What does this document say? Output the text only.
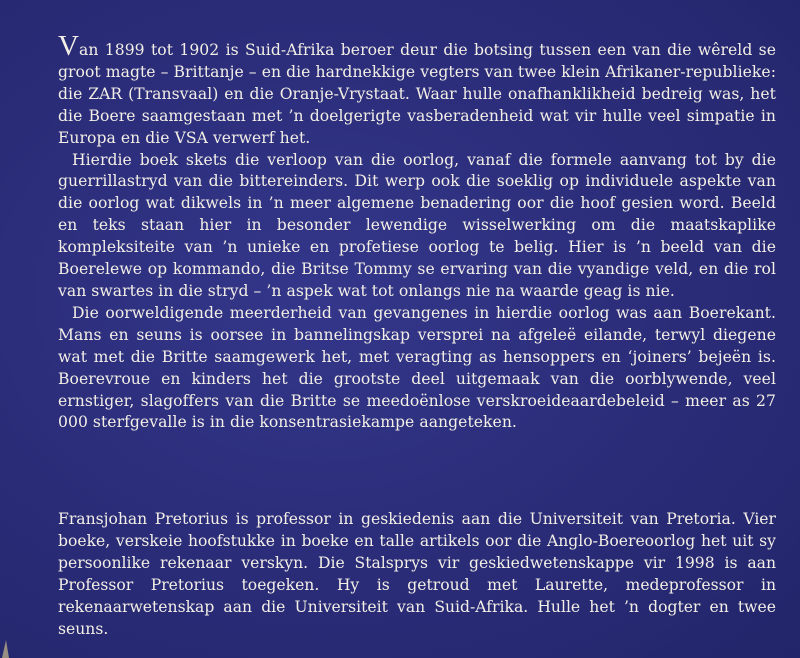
Van 1899 tot 1902 is Suid-Afrika beroer deur die botsing tussen een van die wêreld se groot magte – Brittanje – en die hardnekkige vegters van twee klein Afrikaner-republieke: die ZAR (Transvaal) en die Oranje-Vrystaat. Waar hulle onafhanklikheid bedreig was, het die Boere saamgestaan met ’n doelgerigte vasberadenheid wat vir hulle veel simpatie in Europa en die VSA verwerf het.

Hierdie boek skets die verloop van die oorlog, vanaf die formele aanvang tot by die guerrillastryd van die bittereinders. Dit werp ook die soeklig op individuele aspekte van die oorlog wat dikwels in ’n meer algemene benadering oor die hoof gesien word. Beeld en teks staan hier in besonder lewendige wisselwerking om die maatskaplike kompleksiteite van ’n unieke en profetiese oorlog te belig. Hier is ’n beeld van die Boerelewe op kommando, die Britse Tommy se ervaring van die vyandige veld, en die rol van swartes in die stryd – ’n aspek wat tot onlangs nie na waarde geag is nie.

Die oorweldigende meerderheid van gevangenes in hierdie oorlog was aan Boerekant. Mans en seuns is oorsee in bannelingskap versprei na afgeleë eilande, terwyl diegene wat met die Britte saamgewerk het, met veragting as hensoppers en ‘joiners’ bejeën is. Boerevroue en kinders het die grootste deel uitgemaak van die oorblywende, veel ernstiger, slagoffers van die Britte se meedoënlose verskroeideaardebeleid – meer as 27 000 sterfgevalle is in die konsentrasiekampe aangeteken.

Fransjohan Pretorius is professor in geskiedenis aan die Universiteit van Pretoria. Vier boeke, verskeie hoofstukke in boeke en talle artikels oor die Anglo-Boereoorlog het uit sy persoonlike rekenaar verskyn. Die Stalsprys vir geskiedwetenskappe vir 1998 is aan Professor Pretorius toegeken. Hy is getroud met Laurette, medeprofessor in rekenaarwetenskap aan die Universiteit van Suid-Afrika. Hulle het ’n dogter en twee seuns.
